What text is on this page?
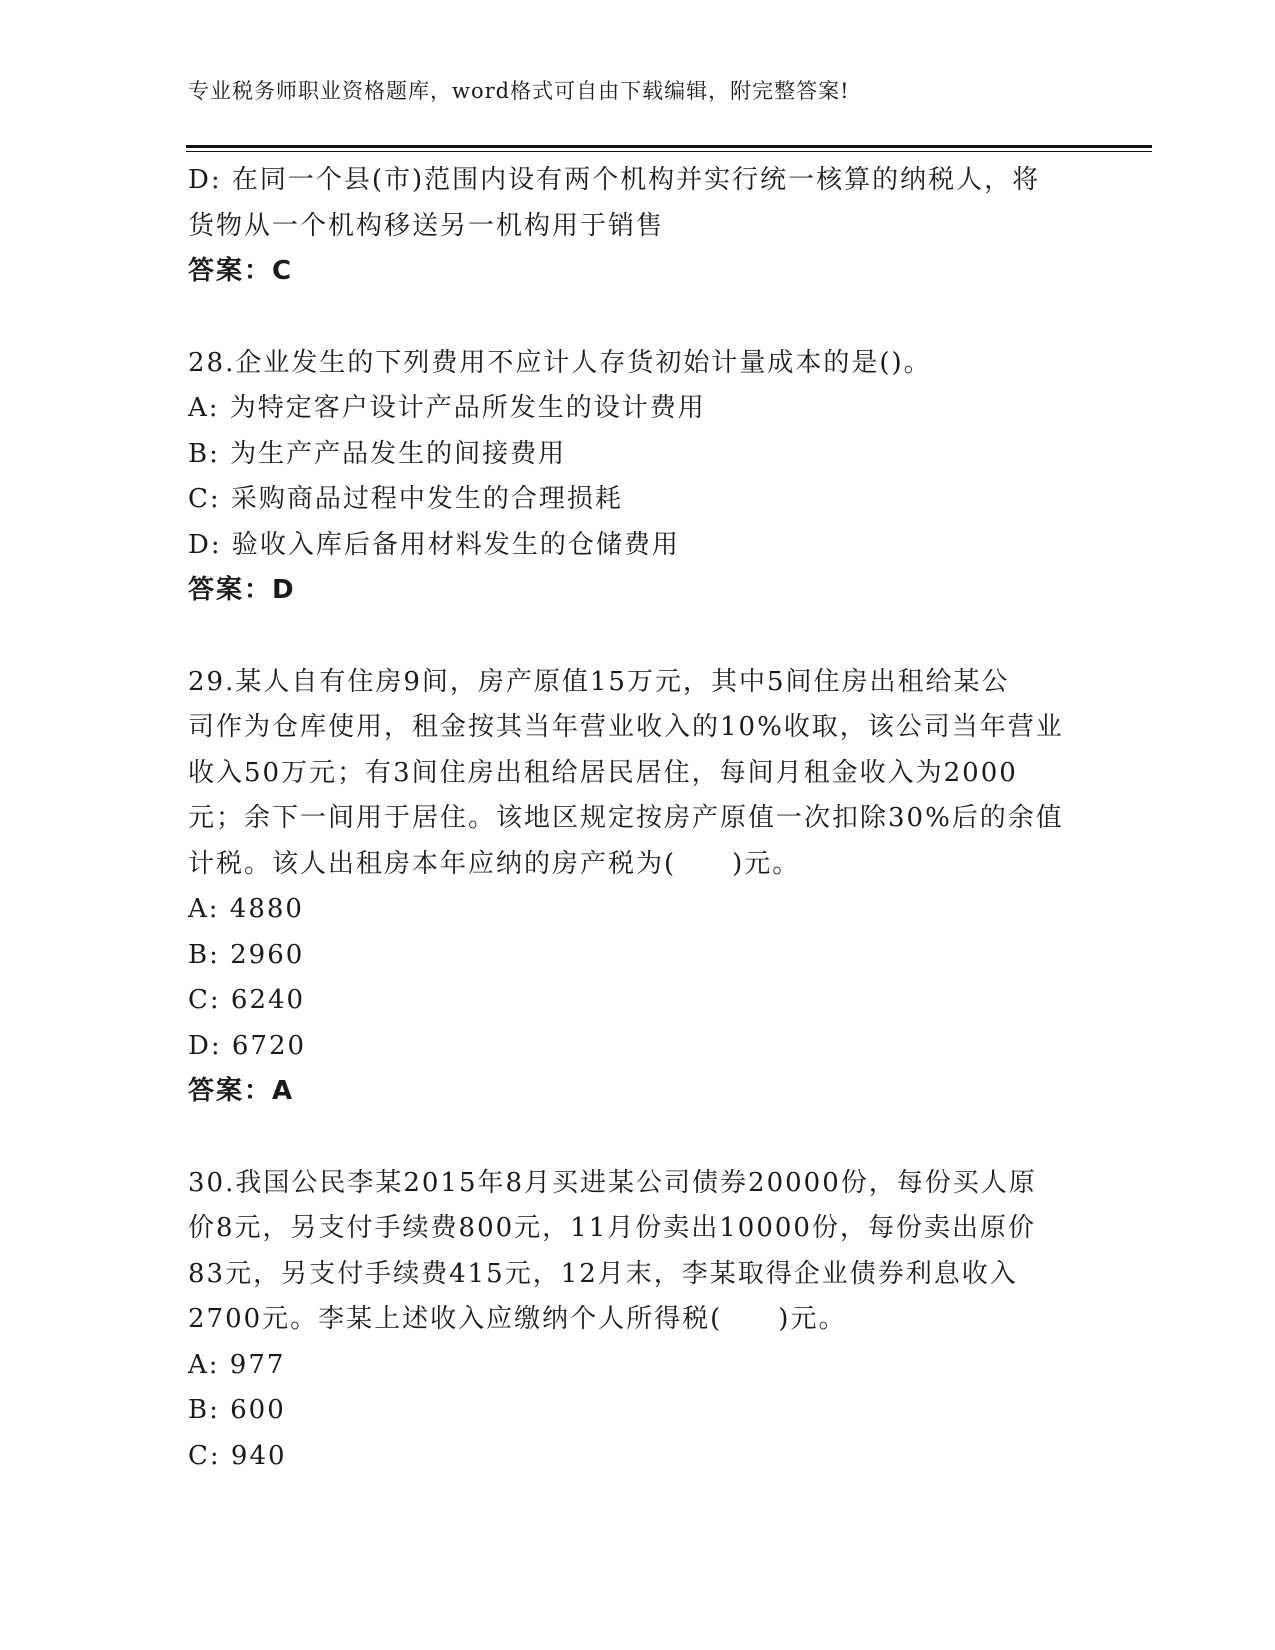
专业税务师职业资格题库，word格式可自由下载编辑，附完整答案!
D: 在同一个县(市)范围内设有两个机构并实行统一核算的纳税人，将
货物从一个机构移送另一机构用于销售
答案：C
28.企业发生的下列费用不应计人存货初始计量成本的是()。
A: 为特定客户设计产品所发生的设计费用
B: 为生产产品发生的间接费用
C: 采购商品过程中发生的合理损耗
D: 验收入库后备用材料发生的仓储费用
答案：D
29.某人自有住房9间，房产原值15万元，其中5间住房出租给某公
司作为仓库使用，租金按其当年营业收入的10%收取，该公司当年营业
收入50万元；有3间住房出租给居民居住，每间月租金收入为2000
元；余下一间用于居住。该地区规定按房产原值一次扣除30%后的余值
计税。该人出租房本年应纳的房产税为(　　)元。
A: 4880
B: 2960
C: 6240
D: 6720
答案：A
30.我国公民李某2015年8月买进某公司债券20000份，每份买人原
价8元，另支付手续费800元，11月份卖出10000份，每份卖出原价
83元，另支付手续费415元，12月末，李某取得企业债券利息收入
2700元。李某上述收入应缴纳个人所得税(　　)元。
A: 977
B: 600
C: 940
